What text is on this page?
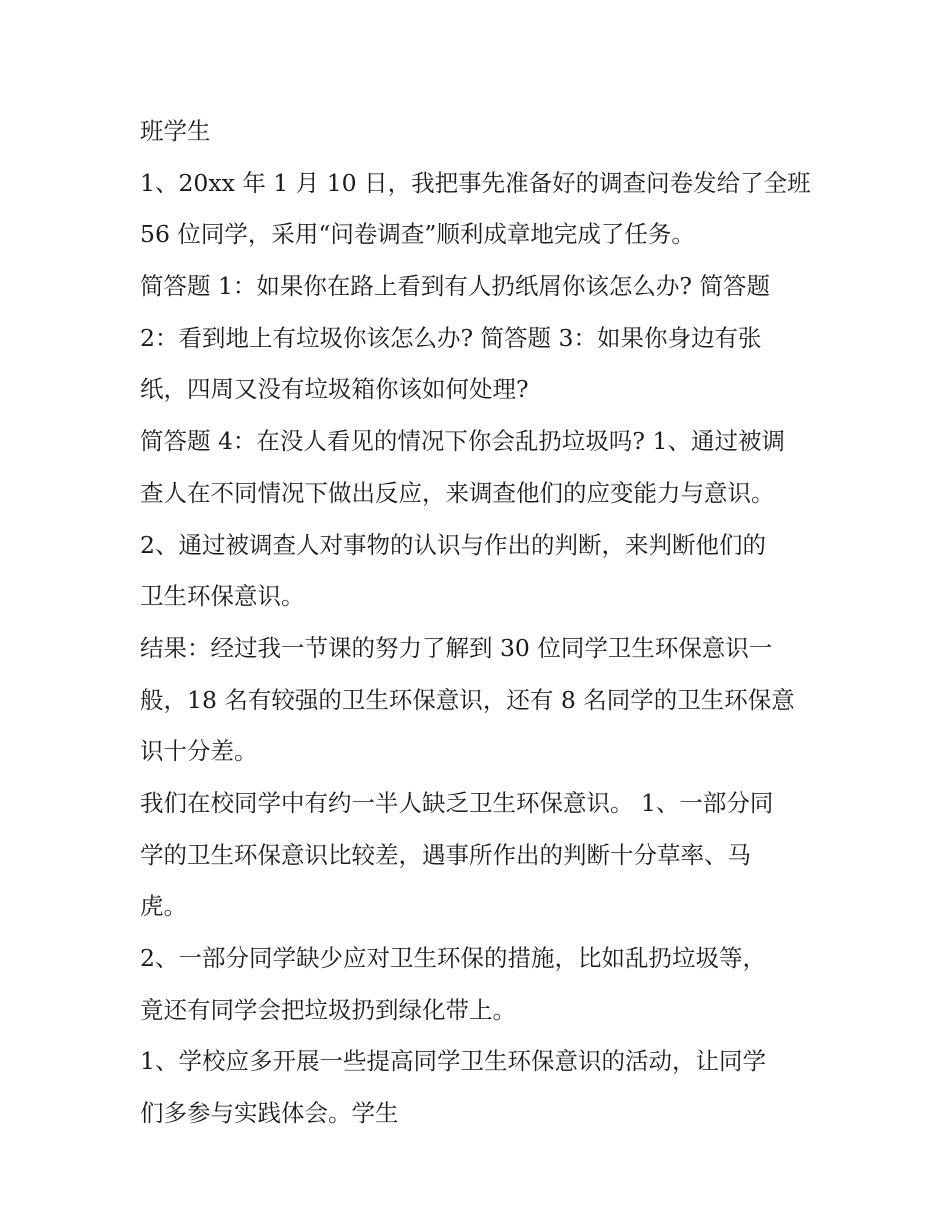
班学生

1、20xx 年 1 月 10 日，我把事先准备好的调查问卷发给了全班
56 位同学，采用“问卷调查”顺利成章地完成了任务。

简答题 1：如果你在路上看到有人扔纸屑你该怎么办? 简答题
2：看到地上有垃圾你该怎么办? 简答题 3：如果你身边有张
纸，四周又没有垃圾箱你该如何处理?

简答题 4：在没人看见的情况下你会乱扔垃圾吗? 1、通过被调
查人在不同情况下做出反应，来调查他们的应变能力与意识。

2、通过被调查人对事物的认识与作出的判断，来判断他们的
卫生环保意识。

结果：经过我一节课的努力了解到 30 位同学卫生环保意识一
般，18 名有较强的卫生环保意识，还有 8 名同学的卫生环保意
识十分差。

我们在校同学中有约一半人缺乏卫生环保意识。 1、一部分同
学的卫生环保意识比较差，遇事所作出的判断十分草率、马
虎。

2、一部分同学缺少应对卫生环保的措施，比如乱扔垃圾等，
竟还有同学会把垃圾扔到绿化带上。

1、学校应多开展一些提高同学卫生环保意识的活动，让同学
们多参与实践体会。学生
